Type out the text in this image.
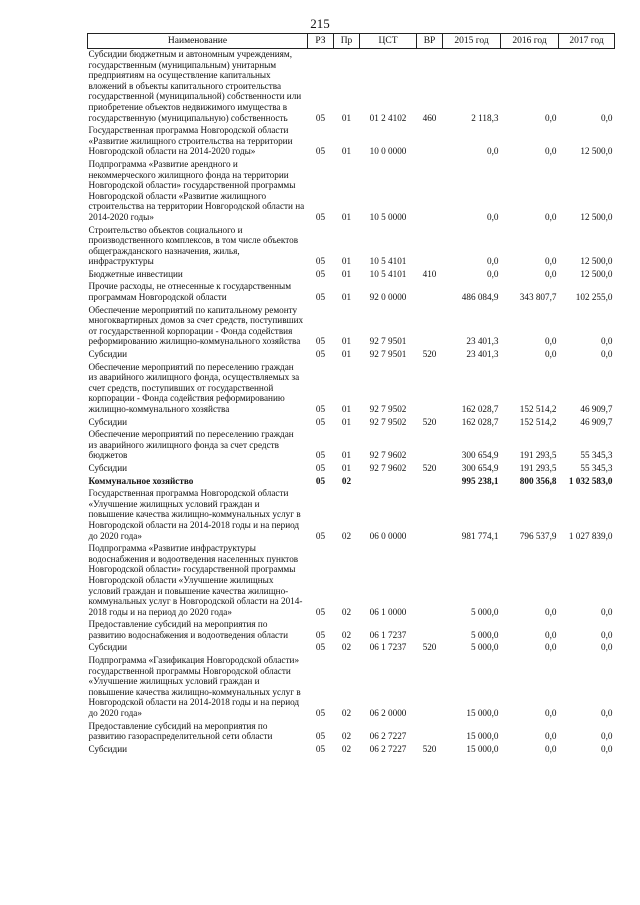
215
Наименование	РЗ	Пр	ЦСТ	ВР	2015 год	2016 год	2017 год
Субсидии бюджетным и автономным учреждениям, государственным (муниципальным) унитарным предприятиям на осуществление капитальных вложений в объекты капитального строительства государственной (муниципальной) собственности или приобретение объектов недвижимого имущества в государственную (муниципальную) собственность	05	01	01 2 4102	460	2 118,3	0,0	0,0
Государственная программа Новгородской области «Развитие жилищного строительства на территории Новгородской области на 2014-2020 годы»	05	01	10 0 0000		0,0	0,0	12 500,0
Подпрограмма «Развитие арендного и некоммерческого жилищного фонда на территории Новгородской области» государственной программы Новгородской области «Развитие жилищного строительства на территории Новгородской области на 2014-2020 годы»	05	01	10 5 0000		0,0	0,0	12 500,0
Строительство объектов социального и производственного комплексов, в том числе объектов общегражданского назначения, жилья, инфраструктуры	05	01	10 5 4101		0,0	0,0	12 500,0
Бюджетные инвестиции	05	01	10 5 4101	410	0,0	0,0	12 500,0
Прочие расходы, не отнесенные к государственным программам Новгородской области	05	01	92 0 0000		486 084,9	343 807,7	102 255,0
Обеспечение мероприятий по капитальному ремонту многоквартирных домов за счет средств, поступивших от государственной корпорации - Фонда содействия реформированию жилищно-коммунального хозяйства	05	01	92 7 9501		23 401,3	0,0	0,0
Субсидии	05	01	92 7 9501	520	23 401,3	0,0	0,0
Обеспечение мероприятий по переселению граждан из аварийного жилищного фонда, осуществляемых за счет средств, поступивших от государственной корпорации - Фонда содействия реформированию жилищно-коммунального хозяйства	05	01	92 7 9502		162 028,7	152 514,2	46 909,7
Субсидии	05	01	92 7 9502	520	162 028,7	152 514,2	46 909,7
Обеспечение мероприятий по переселению граждан из аварийного жилищного фонда за счет средств бюджетов	05	01	92 7 9602		300 654,9	191 293,5	55 345,3
Субсидии	05	01	92 7 9602	520	300 654,9	191 293,5	55 345,3
Коммунальное хозяйство	05	02			995 238,1	800 356,8	1 032 583,0
Государственная программа Новгородской области «Улучшение жилищных условий граждан и повышение качества жилищно-коммунальных услуг в Новгородской области на 2014-2018 годы и на период до 2020 года»	05	02	06 0 0000		981 774,1	796 537,9	1 027 839,0
Подпрограмма «Развитие инфраструктуры водоснабжения и водоотведения населенных пунктов Новгородской области» государственной программы Новгородской области «Улучшение жилищных условий граждан и повышение качества жилищно-коммунальных услуг в Новгородской области на 2014-2018 годы и на период до 2020 года»	05	02	06 1 0000		5 000,0	0,0	0,0
Предоставление субсидий на мероприятия по развитию водоснабжения и водоотведения области	05	02	06 1 7237		5 000,0	0,0	0,0
Субсидии	05	02	06 1 7237	520	5 000,0	0,0	0,0
Подпрограмма «Газификация Новгородской области» государственной программы Новгородской области «Улучшение жилищных условий граждан и повышение качества жилищно-коммунальных услуг в Новгородской области на 2014-2018 годы и на период до 2020 года»	05	02	06 2 0000		15 000,0	0,0	0,0
Предоставление субсидий на мероприятия по развитию газораспределительной сети области	05	02	06 2 7227		15 000,0	0,0	0,0
Субсидии	05	02	06 2 7227	520	15 000,0	0,0	0,0
